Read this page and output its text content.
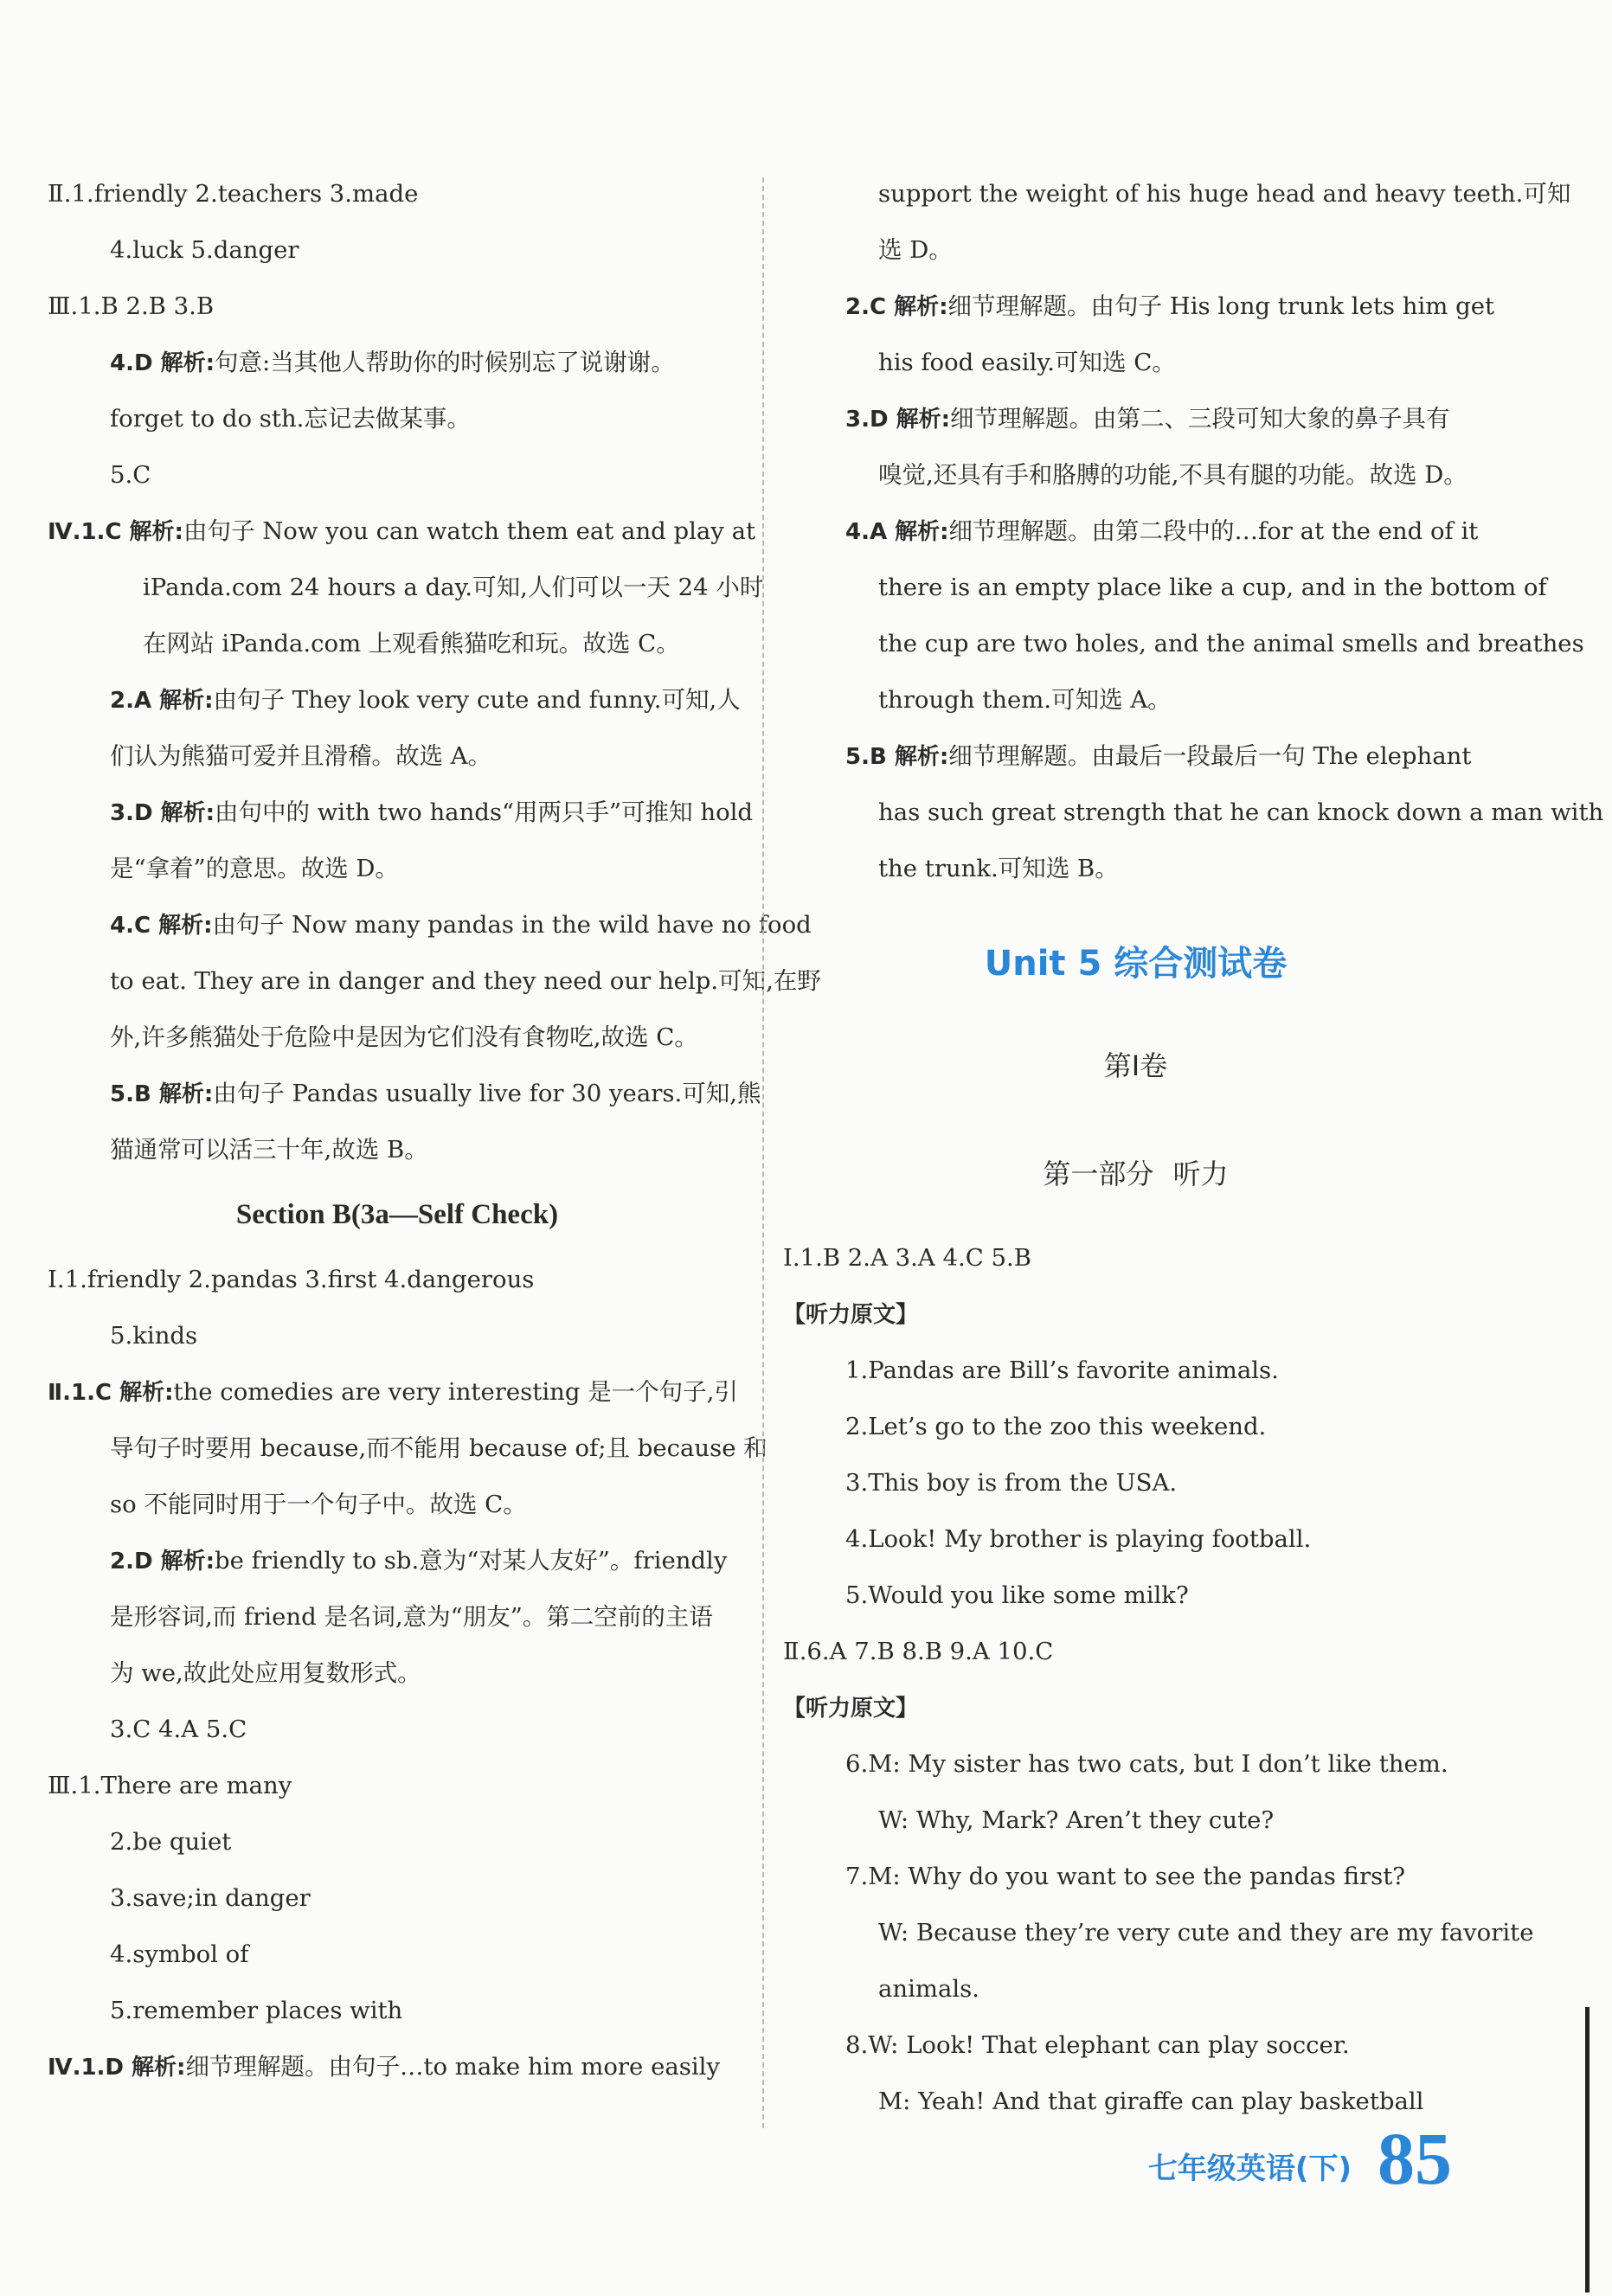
Ⅱ.1.friendly 2.teachers 3.made
4.luck 5.danger
Ⅲ.1.B 2.B 3.B
4.D 解析:句意:当其他人帮助你的时候别忘了说谢谢。
forget to do sth.忘记去做某事。
5.C
Ⅳ.1.C 解析:由句子 Now you can watch them eat and play at
iPanda.com 24 hours a day.可知,人们可以一天 24 小时
在网站 iPanda.com 上观看熊猫吃和玩。故选 C。
2.A 解析:由句子 They look very cute and funny.可知,人
们认为熊猫可爱并且滑稽。故选 A。
3.D 解析:由句中的 with two hands“用两只手”可推知 hold
是“拿着”的意思。故选 D。
4.C 解析:由句子 Now many pandas in the wild have no food
to eat. They are in danger and they need our help.可知,在野
外,许多熊猫处于危险中是因为它们没有食物吃,故选 C。
5.B 解析:由句子 Pandas usually live for 30 years.可知,熊
猫通常可以活三十年,故选 B。
Section B(3a—Self Check)
Ⅰ.1.friendly 2.pandas 3.first 4.dangerous
5.kinds
Ⅱ.1.C 解析:the comedies are very interesting 是一个句子,引
导句子时要用 because,而不能用 because of;且 because 和
so 不能同时用于一个句子中。故选 C。
2.D 解析:be friendly to sb.意为“对某人友好”。friendly
是形容词,而 friend 是名词,意为“朋友”。第二空前的主语
为 we,故此处应用复数形式。
3.C 4.A 5.C
Ⅲ.1.There are many
2.be quiet
3.save;in danger
4.symbol of
5.remember places with
Ⅳ.1.D 解析:细节理解题。由句子…to make him more easily
support the weight of his huge head and heavy teeth.可知
选 D。
2.C 解析:细节理解题。由句子 His long trunk lets him get
his food easily.可知选 C。
3.D 解析:细节理解题。由第二、三段可知大象的鼻子具有
嗅觉,还具有手和胳膊的功能,不具有腿的功能。故选 D。
4.A 解析:细节理解题。由第二段中的…for at the end of it
there is an empty place like a cup, and in the bottom of
the cup are two holes, and the animal smells and breathes
through them.可知选 A。
5.B 解析:细节理解题。由最后一段最后一句 The elephant
has such great strength that he can knock down a man with
the trunk.可知选 B。
Unit 5 综合测试卷
第Ⅰ卷
第一部分 听力
Ⅰ.1.B 2.A 3.A 4.C 5.B
【听力原文】
1.Pandas are Bill’s favorite animals.
2.Let’s go to the zoo this weekend.
3.This boy is from the USA.
4.Look! My brother is playing football.
5.Would you like some milk?
Ⅱ.6.A 7.B 8.B 9.A 10.C
【听力原文】
6.M: My sister has two cats, but I don’t like them.
W: Why, Mark? Aren’t they cute?
7.M: Why do you want to see the pandas first?
W: Because they’re very cute and they are my favorite
animals.
8.W: Look! That elephant can play soccer.
M: Yeah! And that giraffe can play basketball
七年级英语(下) 85
